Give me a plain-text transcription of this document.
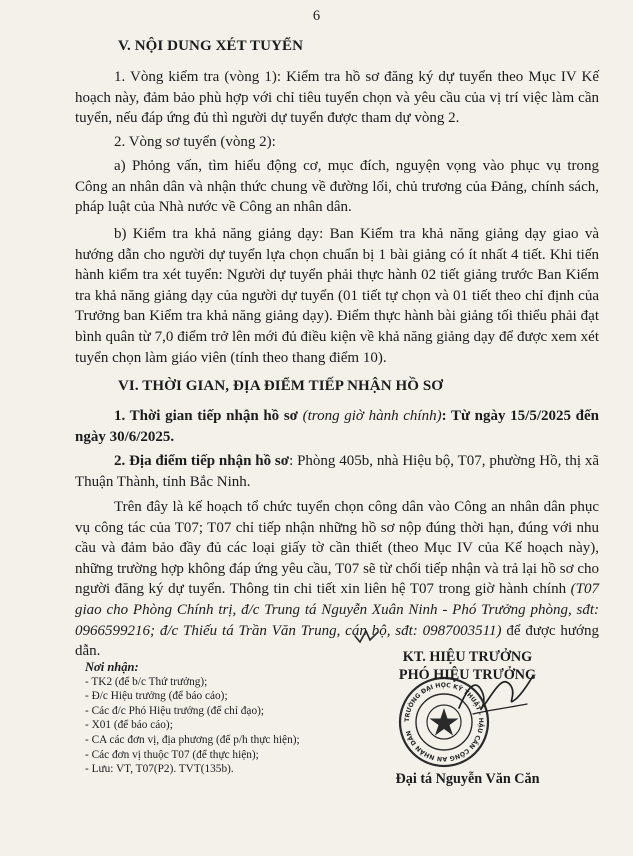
6
V. NỘI DUNG XÉT TUYỂN
1. Vòng kiểm tra (vòng 1): Kiểm tra hồ sơ đăng ký dự tuyển theo Mục IV Kế hoạch này, đảm bảo phù hợp với chỉ tiêu tuyển chọn và yêu cầu của vị trí việc làm cần tuyển, nếu đáp ứng đủ thì người dự tuyển được tham dự vòng 2.
2. Vòng sơ tuyển (vòng 2):
a) Phỏng vấn, tìm hiểu động cơ, mục đích, nguyện vọng vào phục vụ trong Công an nhân dân và nhận thức chung về đường lối, chủ trương của Đảng, chính sách, pháp luật của Nhà nước về Công an nhân dân.
b) Kiểm tra khả năng giảng dạy: Ban Kiểm tra khả năng giảng dạy giao và hướng dẫn cho người dự tuyển lựa chọn chuẩn bị 1 bài giảng có ít nhất 4 tiết. Khi tiến hành kiểm tra xét tuyển: Người dự tuyển phải thực hành 02 tiết giảng trước Ban Kiểm tra khả năng giảng dạy của người dự tuyển (01 tiết tự chọn và 01 tiết theo chỉ định của Trưởng ban Kiểm tra khả năng giảng dạy). Điểm thực hành bài giảng tối thiểu phải đạt bình quân từ 7,0 điểm trở lên mới đủ điều kiện về khả năng giảng dạy để được xem xét tuyển chọn làm giáo viên (tính theo thang điểm 10).
VI. THỜI GIAN, ĐỊA ĐIỂM TIẾP NHẬN HỒ SƠ
1. Thời gian tiếp nhận hồ sơ (trong giờ hành chính): Từ ngày 15/5/2025 đến ngày 30/6/2025.
2. Địa điểm tiếp nhận hồ sơ: Phòng 405b, nhà Hiệu bộ, T07, phường Hồ, thị xã Thuận Thành, tỉnh Bắc Ninh.
Trên đây là kế hoạch tổ chức tuyển chọn công dân vào Công an nhân dân phục vụ công tác của T07; T07 chỉ tiếp nhận những hồ sơ nộp đúng thời hạn, đúng với nhu cầu và đảm bảo đầy đủ các loại giấy tờ cần thiết (theo Mục IV của Kế hoạch này), những trường hợp không đáp ứng yêu cầu, T07 sẽ từ chối tiếp nhận và trả lại hồ sơ cho người đăng ký dự tuyển. Thông tin chi tiết xin liên hệ T07 trong giờ hành chính (T07 giao cho Phòng Chính trị, đ/c Trung tá Nguyễn Xuân Ninh - Phó Trưởng phòng, sđt: 0966599216; đ/c Thiếu tá Trần Văn Trung, cán bộ, sđt: 0987003511) để được hướng dẫn.
Nơi nhận:
- TK2 (để b/c Thứ trưởng);
- Đ/c Hiệu trưởng (để báo cáo);
- Các đ/c Phó Hiệu trưởng (để chỉ đạo);
- X01 (để báo cáo);
- CA các đơn vị, địa phương (để p/h thực hiện);
- Các đơn vị thuộc T07 (để thực hiện);
- Lưu: VT, T07(P2). TVT(135b).
KT. HIỆU TRƯỞNG
PHÓ HIỆU TRƯỞNG
Đại tá Nguyễn Văn Căn
TRƯỜNG ĐẠI HỌC KỸ THUẬT - HẬU CẦN CÔNG AN NHÂN DÂN
